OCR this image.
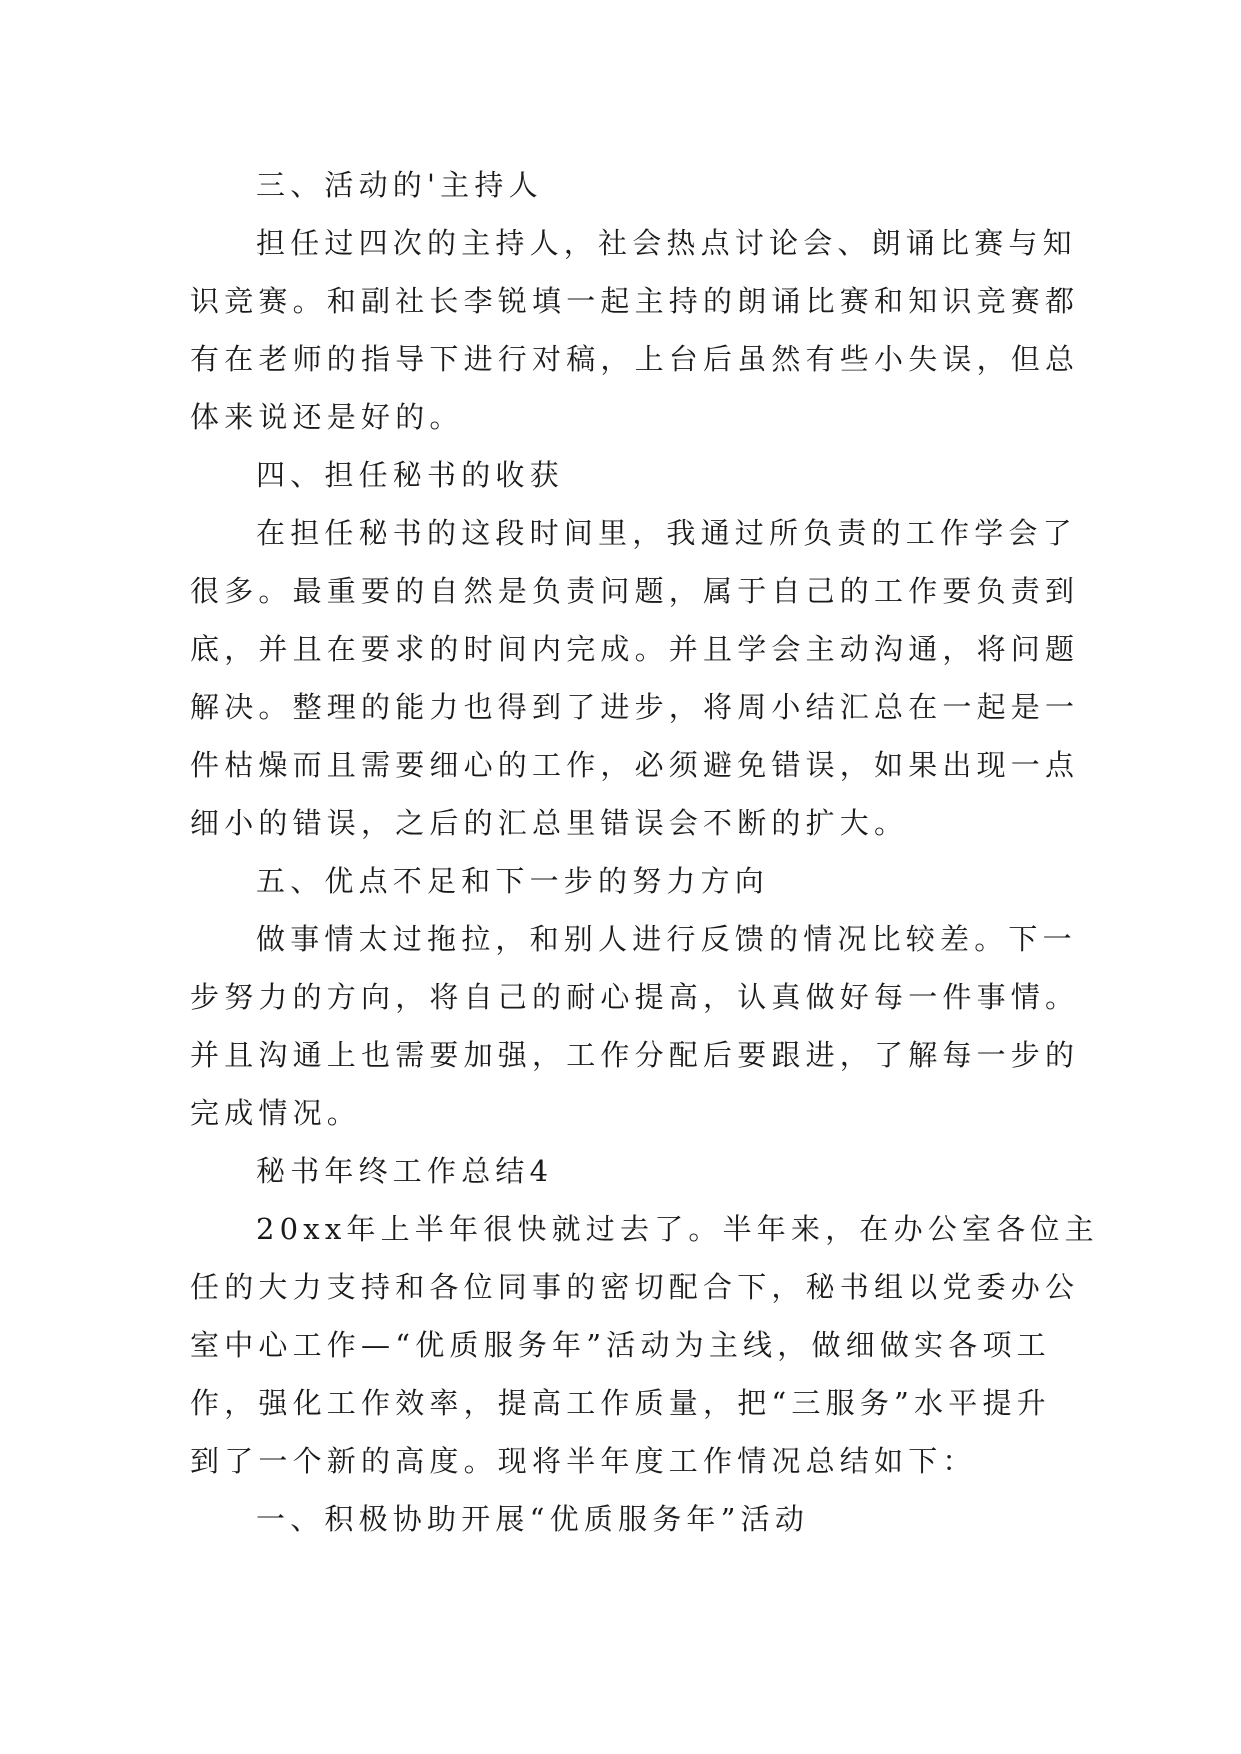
三、活动的'主持人

担任过四次的主持人，社会热点讨论会、朗诵比赛与知

识竞赛。和副社长李锐填一起主持的朗诵比赛和知识竞赛都

有在老师的指导下进行对稿，上台后虽然有些小失误，但总

体来说还是好的。

四、担任秘书的收获

在担任秘书的这段时间里，我通过所负责的工作学会了

很多。最重要的自然是负责问题，属于自己的工作要负责到

底，并且在要求的时间内完成。并且学会主动沟通，将问题

解决。整理的能力也得到了进步，将周小结汇总在一起是一

件枯燥而且需要细心的工作，必须避免错误，如果出现一点

细小的错误，之后的汇总里错误会不断的扩大。

五、优点不足和下一步的努力方向

做事情太过拖拉，和别人进行反馈的情况比较差。下一

步努力的方向，将自己的耐心提高，认真做好每一件事情。

并且沟通上也需要加强，工作分配后要跟进，了解每一步的

完成情况。

秘书年终工作总结4

20xx年上半年很快就过去了。半年来，在办公室各位主

任的大力支持和各位同事的密切配合下，秘书组以党委办公

室中心工作—“优质服务年”活动为主线，做细做实各项工

作，强化工作效率，提高工作质量，把“三服务”水平提升

到了一个新的高度。现将半年度工作情况总结如下：

一、积极协助开展“优质服务年”活动
